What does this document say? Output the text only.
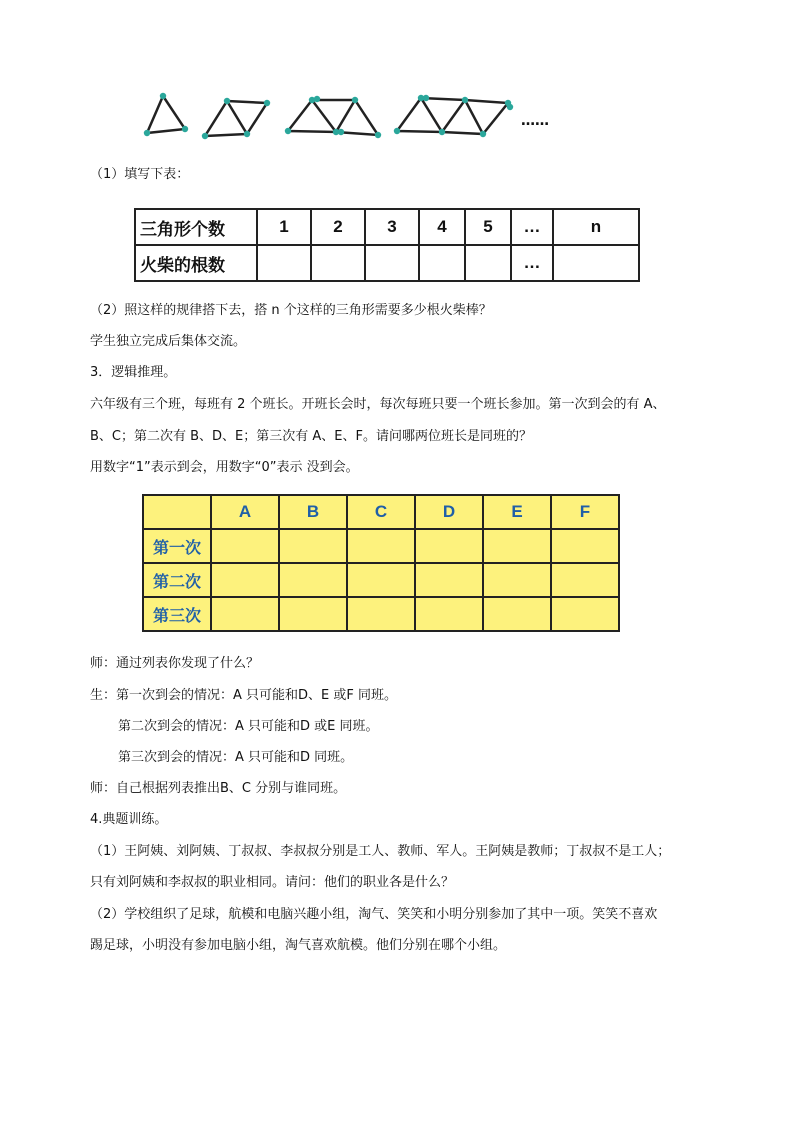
……
（1）填写下表：
三角形个数	1	2	3	4	5	…	n
火柴的根数						…	
（2）照这样的规律搭下去，搭 n 个这样的三角形需要多少根火柴棒？
学生独立完成后集体交流。
3．逻辑推理。
六年级有三个班，每班有 2 个班长。开班长会时，每次每班只要一个班长参加。第一次到会的有 A、
B、C；第二次有 B、D、E；第三次有 A、E、F。请问哪两位班长是同班的？
用数字“1”表示到会，用数字“0”表示 没到会。
	A	B	C	D	E	F
第一次						
第二次						
第三次						
师：通过列表你发现了什么？
生：第一次到会的情况：A 只可能和D、E 或F 同班。
第二次到会的情况：A 只可能和D 或E 同班。
第三次到会的情况：A 只可能和D 同班。
师：自己根据列表推出B、C 分别与谁同班。
4.典题训练。
（1）王阿姨、刘阿姨、丁叔叔、李叔叔分别是工人、教师、军人。王阿姨是教师；丁叔叔不是工人；
只有刘阿姨和李叔叔的职业相同。请问：他们的职业各是什么？
（2）学校组织了足球，航模和电脑兴趣小组，淘气、笑笑和小明分别参加了其中一项。笑笑不喜欢
踢足球，小明没有参加电脑小组，淘气喜欢航模。他们分别在哪个小组。
